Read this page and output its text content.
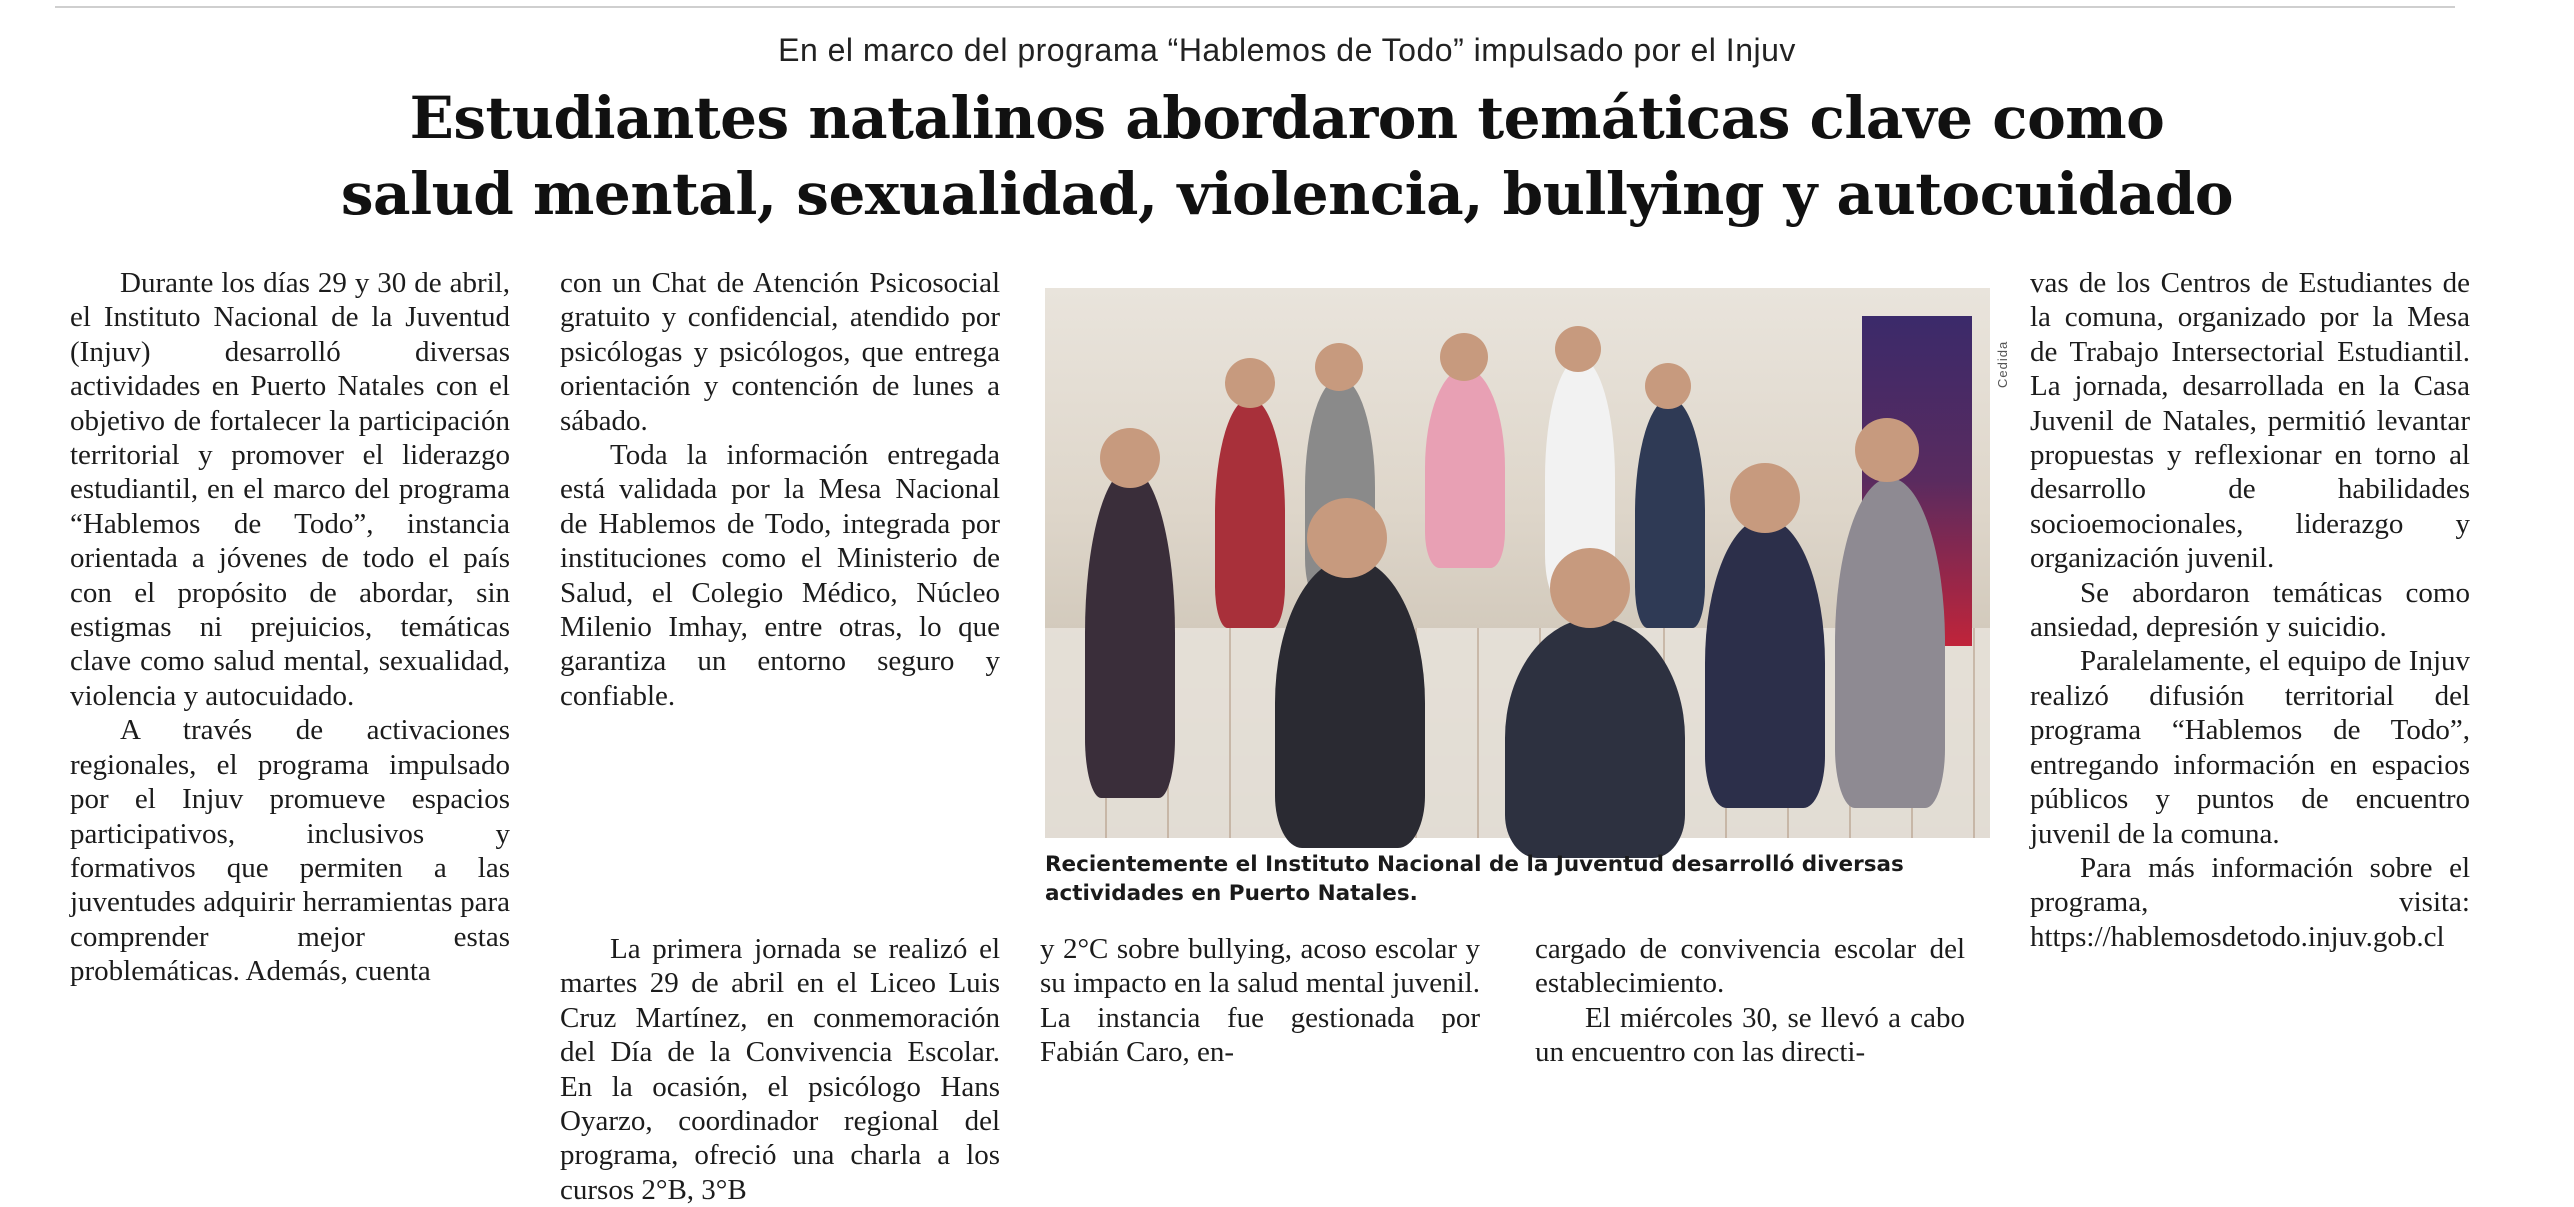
En el marco del programa “Hablemos de Todo” impulsado por el Injuv
Estudiantes natalinos abordaron temáticas clave como
salud mental, sexualidad, violencia, bullying y autocuidado

Durante los días 29 y 30 de abril, el Instituto Nacional de la Juventud (Injuv) desarrolló diversas actividades en Puerto Natales con el objetivo de fortalecer la participación territorial y promover el liderazgo estudiantil, en el marco del programa “Hablemos de Todo”, instancia orientada a jóvenes de todo el país con el propósito de abordar, sin estigmas ni prejuicios, temáticas clave como salud mental, sexualidad, violencia y autocuidado.

A través de activaciones regionales, el programa impulsado por el Injuv promueve espacios participativos, inclusivos y formativos que permiten a las juventudes adquirir herramientas para comprender mejor estas problemáticas. Además, cuenta

con un Chat de Atención Psicosocial gratuito y confidencial, atendido por psicólogas y psicólogos, que entrega orientación y contención de lunes a sábado.

Toda la información entregada está validada por la Mesa Nacional de Hablemos de Todo, integrada por instituciones como el Ministerio de Salud, el Colegio Médico, Núcleo Milenio Imhay, entre otras, lo que garantiza un entorno seguro y confiable.

La primera jornada se realizó el martes 29 de abril en el Liceo Luis Cruz Martínez, en conmemoración del Día de la Convivencia Escolar. En la ocasión, el psicólogo Hans Oyarzo, coordinador regional del programa, ofreció una charla a los cursos 2°B, 3°B

Cedida
Recientemente el Instituto Nacional de la Juventud desarrolló diversas actividades en Puerto Natales.

y 2°C sobre bullying, acoso escolar y su impacto en la salud mental juvenil. La instancia fue gestionada por Fabián Caro, en-

cargado de convivencia escolar del establecimiento.

El miércoles 30, se llevó a cabo un encuentro con las directi-

vas de los Centros de Estudiantes de la comuna, organizado por la Mesa de Trabajo Intersectorial Estudiantil. La jornada, desarrollada en la Casa Juvenil de Natales, permitió levantar propuestas y reflexionar en torno al desarrollo de habilidades socioemocionales, liderazgo y organización juvenil.

Se abordaron temáticas como ansiedad, depresión y suicidio.

Paralelamente, el equipo de Injuv realizó difusión territorial del programa “Hablemos de Todo”, entregando información en espacios públicos y puntos de encuentro juvenil de la comuna.

Para más información sobre el programa, visita: https://hablemosdetodo.injuv.gob.cl
